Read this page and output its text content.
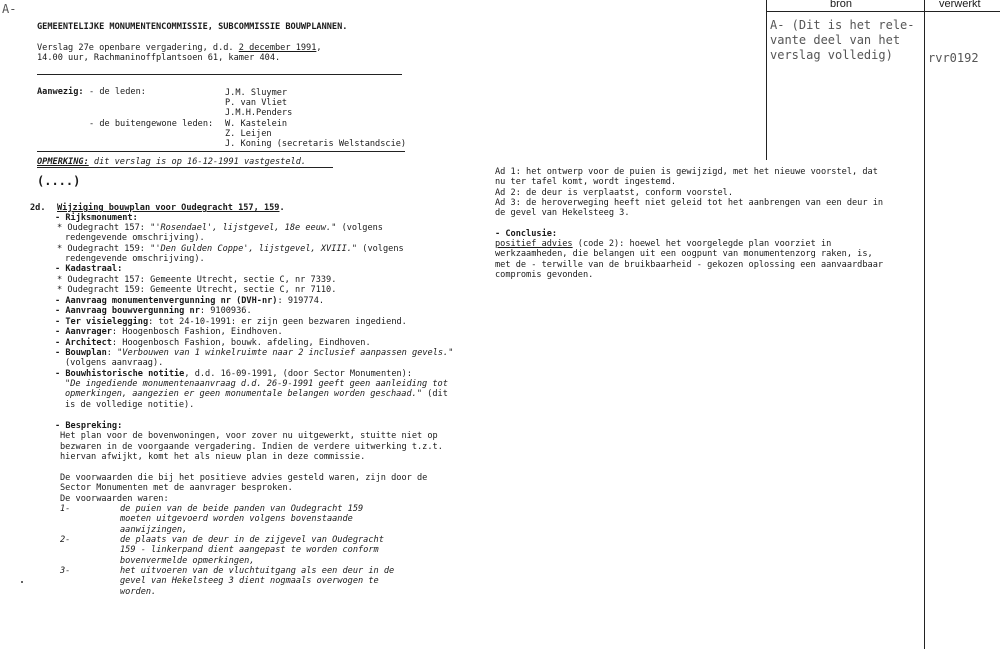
A-
GEMEENTELIJKE MONUMENTENCOMMISSIE, SUBCOMMISSIE BOUWPLANNEN.
Verslag 27e openbare vergadering, d.d. 2 december 1991,
14.00 uur, Rachmaninoffplantsoen 61, kamer 404.
Aanwezig: - de leden:	J.M. Sluymer
P. van Vliet
J.M.H.Penders
- de buitengewone leden: W. Kastelein
Z. Leijen
J. Koning (secretaris Welstandscie)
OPMERKING: dit verslag is op 16-12-1991 vastgesteld.
(....)
2d. Wijziging bouwplan voor Oudegracht 157, 159.
- Rijksmonument:
* Oudegracht 157: "'Rosendael', lijstgevel, 18e eeuw." (volgens
redengevende omschrijving).
* Oudegracht 159: "'Den Gulden Coppe', lijstgevel, XVIII." (volgens
redengevende omschrijving).
- Kadastraal:
* Oudegracht 157: Gemeente Utrecht, sectie C, nr 7339.
* Oudegracht 159: Gemeente Utrecht, sectie C, nr 7110.
- Aanvraag monumentenvergunning nr (DVH-nr): 919774.
- Aanvraag bouwvergunning nr: 9100936.
- Ter visielegging: tot 24-10-1991: er zijn geen bezwaren ingediend.
- Aanvrager: Hoogenbosch Fashion, Eindhoven.
- Architect: Hoogenbosch Fashion, bouwk. afdeling, Eindhoven.
- Bouwplan: "Verbouwen van 1 winkelruimte naar 2 inclusief aanpassen gevels."
(volgens aanvraag).
- Bouwhistorische notitie, d.d. 16-09-1991, (door Sector Monumenten):
"De ingediende monumentenaanvraag d.d. 26-9-1991 geeft geen aanleiding tot
opmerkingen, aangezien er geen monumentale belangen worden geschaad." (dit
is de volledige notitie).
- Bespreking:
Het plan voor de bovenwoningen, voor zover nu uitgewerkt, stuitte niet op
bezwaren in de voorgaande vergadering. Indien de verdere uitwerking t.z.t.
hiervan afwijkt, komt het als nieuw plan in deze commissie.
De voorwaarden die bij het positieve advies gesteld waren, zijn door de
Sector Monumenten met de aanvrager besproken.
De voorwaarden waren:
1-	de puien van de beide panden van Oudegracht 159
moeten uitgevoerd worden volgens bovenstaande
aanwijzingen,
2-	de plaats van de deur in de zijgevel van Oudegracht
159 - linkerpand dient aangepast te worden conform
bovenvermelde opmerkingen,
3-	het uitvoeren van de vluchtuitgang als een deur in de
gevel van Hekelsteeg 3 dient nogmaals overwogen te
worden.
Ad 1: het ontwerp voor de puien is gewijzigd, met het nieuwe voorstel, dat
nu ter tafel komt, wordt ingestemd.
Ad 2: de deur is verplaatst, conform voorstel.
Ad 3: de heroverweging heeft niet geleid tot het aanbrengen van een deur in
de gevel van Hekelsteeg 3.
- Conclusie:
positief advies (code 2): hoewel het voorgelegde plan voorziet in
werkzaamheden, die belangen uit een oogpunt van monumentenzorg raken, is,
met de - terwille van de bruikbaarheid - gekozen oplossing een aanvaardbaar
compromis gevonden.
bron	verwerkt
A- (Dit is het rele-
vante deel van het
verslag volledig)	rvr0192
